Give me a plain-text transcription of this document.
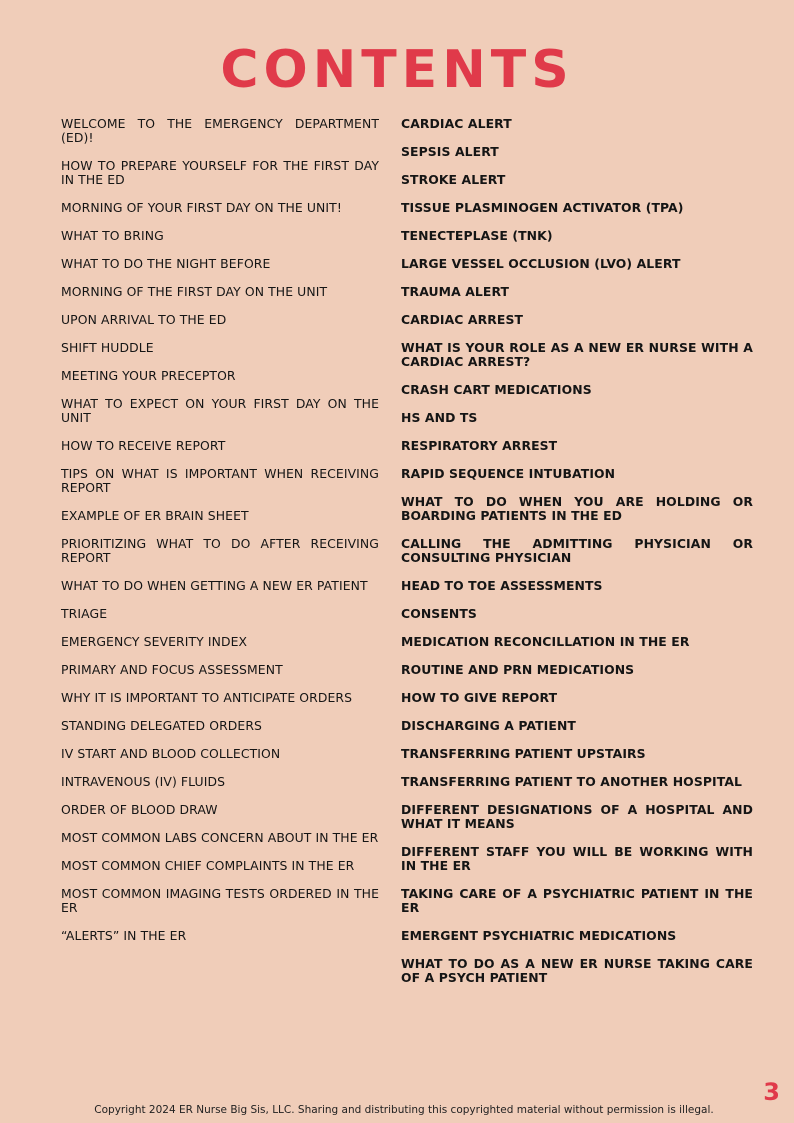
CONTENTS
WELCOME TO THE EMERGENCY DEPARTMENT (ED)!
HOW TO PREPARE YOURSELF FOR THE FIRST DAY IN THE ED
MORNING OF YOUR FIRST DAY ON THE UNIT!
WHAT TO BRING
WHAT TO DO THE NIGHT BEFORE
MORNING OF THE FIRST DAY ON THE UNIT
UPON ARRIVAL TO THE ED
SHIFT HUDDLE
MEETING YOUR PRECEPTOR
WHAT TO EXPECT ON YOUR FIRST DAY ON THE UNIT
HOW TO RECEIVE REPORT
TIPS ON WHAT IS IMPORTANT WHEN RECEIVING REPORT
EXAMPLE OF ER BRAIN SHEET
PRIORITIZING WHAT TO DO AFTER RECEIVING REPORT
WHAT TO DO WHEN GETTING A NEW ER PATIENT
TRIAGE
EMERGENCY SEVERITY INDEX
PRIMARY AND FOCUS ASSESSMENT
WHY IT IS IMPORTANT TO ANTICIPATE ORDERS
STANDING DELEGATED ORDERS
IV START AND BLOOD COLLECTION
INTRAVENOUS (IV) FLUIDS
ORDER OF BLOOD DRAW
MOST COMMON LABS CONCERN ABOUT IN THE ER
MOST COMMON CHIEF COMPLAINTS IN THE ER
MOST COMMON IMAGING TESTS ORDERED IN THE ER
“ALERTS” IN THE ER
CARDIAC ALERT
SEPSIS ALERT
STROKE ALERT
TISSUE PLASMINOGEN ACTIVATOR (TPA)
TENECTEPLASE (TNK)
LARGE VESSEL OCCLUSION (LVO) ALERT
TRAUMA ALERT
CARDIAC ARREST
WHAT IS YOUR ROLE AS A NEW ER NURSE WITH A CARDIAC ARREST?
CRASH CART MEDICATIONS
HS AND TS
RESPIRATORY ARREST
RAPID SEQUENCE INTUBATION
WHAT TO DO WHEN YOU ARE HOLDING OR BOARDING PATIENTS IN THE ED
CALLING THE ADMITTING PHYSICIAN OR CONSULTING PHYSICIAN
HEAD TO TOE ASSESSMENTS
CONSENTS
MEDICATION RECONCILLATION IN THE ER
ROUTINE AND PRN MEDICATIONS
HOW TO GIVE REPORT
DISCHARGING A PATIENT
TRANSFERRING PATIENT UPSTAIRS
TRANSFERRING PATIENT TO ANOTHER HOSPITAL
DIFFERENT DESIGNATIONS OF A HOSPITAL AND WHAT IT MEANS
DIFFERENT STAFF YOU WILL BE WORKING WITH IN THE ER
TAKING CARE OF A PSYCHIATRIC PATIENT IN THE ER
EMERGENT PSYCHIATRIC MEDICATIONS
WHAT TO DO AS A NEW ER NURSE TAKING CARE OF A PSYCH PATIENT
3
Copyright 2024 ER Nurse Big Sis, LLC. Sharing and distributing this copyrighted material without permission is illegal.
